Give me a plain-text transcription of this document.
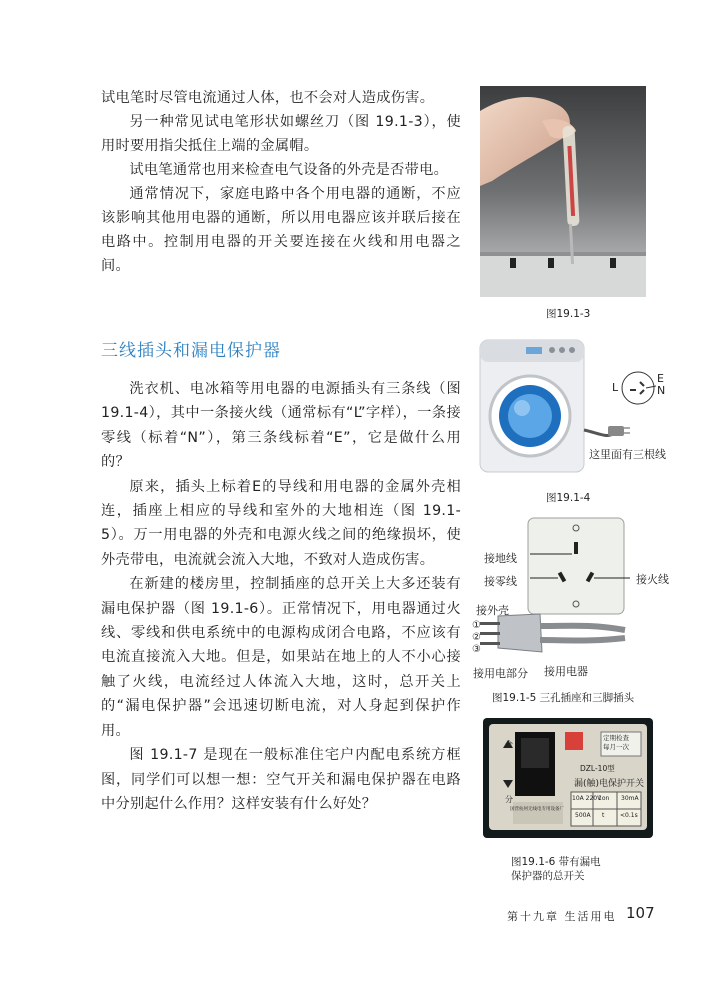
试电笔时尽管电流通过人体，也不会对人造成伤害。

另一种常见试电笔形状如螺丝刀（图 19.1-3），使用时要用指尖抵住上端的金属帽。

试电笔通常也用来检查电气设备的外壳是否带电。

通常情况下，家庭电路中各个用电器的通断，不应该影响其他用电器的通断，所以用电器应该并联后接在电路中。控制用电器的开关要连接在火线和用电器之间。

三线插头和漏电保护器

洗衣机、电冰箱等用电器的电源插头有三条线（图 19.1-4），其中一条接火线（通常标有“L”字样），一条接零线（标着“N”），第三条线标着“E”，它是做什么用的？

原来，插头上标着E的导线和用电器的金属外壳相连，插座上相应的导线和室外的大地相连（图 19.1-5）。万一用电器的外壳和电源火线之间的绝缘损坏，使外壳带电，电流就会流入大地，不致对人造成伤害。

在新建的楼房里，控制插座的总开关上大多还装有漏电保护器（图 19.1-6）。正常情况下，用电器通过火线、零线和供电系统中的电源构成闭合电路，不应该有电流直接流入大地。但是，如果站在地上的人不小心接触了火线，电流经过人体流入大地，这时，总开关上的“漏电保护器”会迅速切断电流，对人身起到保护作用。

图 19.1-7 是现在一般标准住宅户内配电系统方框图，同学们可以想一想：空气开关和漏电保护器在电路中分别起什么作用？这样安装有什么好处？

图19.1-3
L
E
N
这里面有三根线
图19.1-4
接地线
接零线	接火线
接外壳
①
②
③
接用电部分 接用电器
图19.1-5 三孔插座和三脚插头
合
分
定期检查
每月一次
DZL-10型
漏(触)电保护开关
10A 220V
500A
1on 30mA
t	<0.1s
国营杭州无线电专用设备厂
图19.1-6 带有漏电
保护器的总开关
第十九章 生活用电 107
